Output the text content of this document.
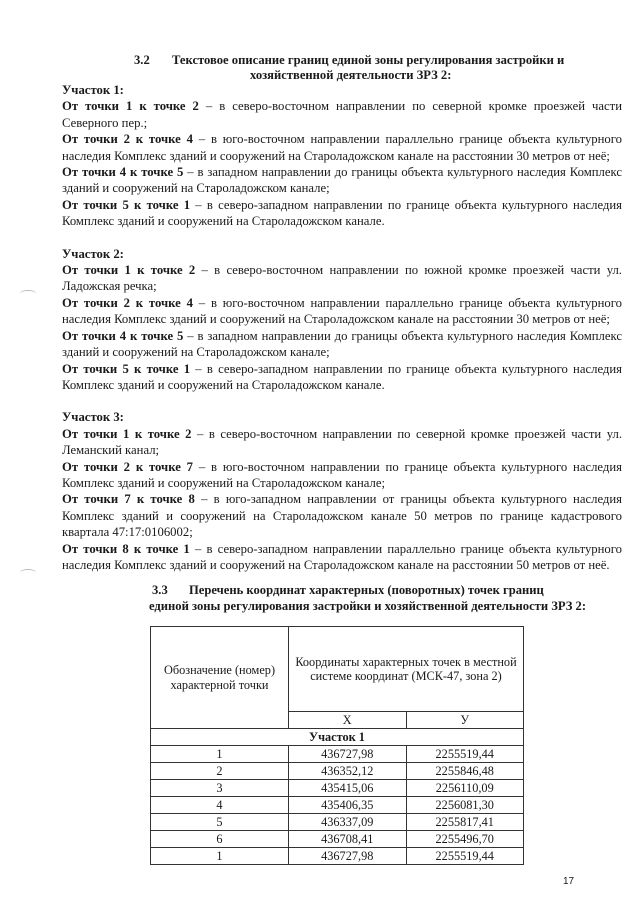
3.2 Текстовое описание границ единой зоны регулирования застройки и
хозяйственной деятельности ЗРЗ 2:

Участок 1:

От точки 1 к точке 2 – в северо-восточном направлении по северной кромке проезжей части Северного пер.;

От точки 2 к точке 4 – в юго-восточном направлении параллельно границе объекта культурного наследия Комплекс зданий и сооружений на Староладожском канале на расстоянии 30 метров от неё;

От точки 4 к точке 5 – в западном направлении до границы объекта культурного наследия Комплекс зданий и сооружений на Староладожском канале;

От точки 5 к точке 1 – в северо-западном направлении по границе объекта культурного наследия Комплекс зданий и сооружений на Староладожском канале.

Участок 2:

От точки 1 к точке 2 – в северо-восточном направлении по южной кромке проезжей части ул. Ладожская речка;

От точки 2 к точке 4 – в юго-восточном направлении параллельно границе объекта культурного наследия Комплекс зданий и сооружений на Староладожском канале на расстоянии 30 метров от неё;

От точки 4 к точке 5 – в западном направлении до границы объекта культурного наследия Комплекс зданий и сооружений на Староладожском канале;

От точки 5 к точке 1 – в северо-западном направлении по границе объекта культурного наследия Комплекс зданий и сооружений на Староладожском канале.

Участок 3:

От точки 1 к точке 2 – в северо-восточном направлении по северной кромке проезжей части ул. Леманский канал;

От точки 2 к точке 7 – в юго-восточном направлении по границе объекта культурного наследия Комплекс зданий и сооружений на Староладожском канале;

От точки 7 к точке 8 – в юго-западном направлении от границы объекта культурного наследия Комплекс зданий и сооружений на Староладожском канале 50 метров по границе кадастрового квартала 47:17:0106002;

От точки 8 к точке 1 – в северо-западном направлении параллельно границе объекта культурного наследия Комплекс зданий и сооружений на Староладожском канале на расстоянии 50 метров от неё.

3.3 Перечень координат характерных (поворотных) точек границ
единой зоны регулирования застройки и хозяйственной деятельности ЗРЗ 2:
Обозначение (номер) характерной точки	Координаты характерных точек в местной системе координат (МСК-47, зона 2)	
	X	У
Участок 1		
1	436727,98	2255519,44
2	436352,12	2255846,48
3	435415,06	2256110,09
4	435406,35	2256081,30
5	436337,09	2255817,41
6	436708,41	2255496,70
1	436727,98	2255519,44
17
